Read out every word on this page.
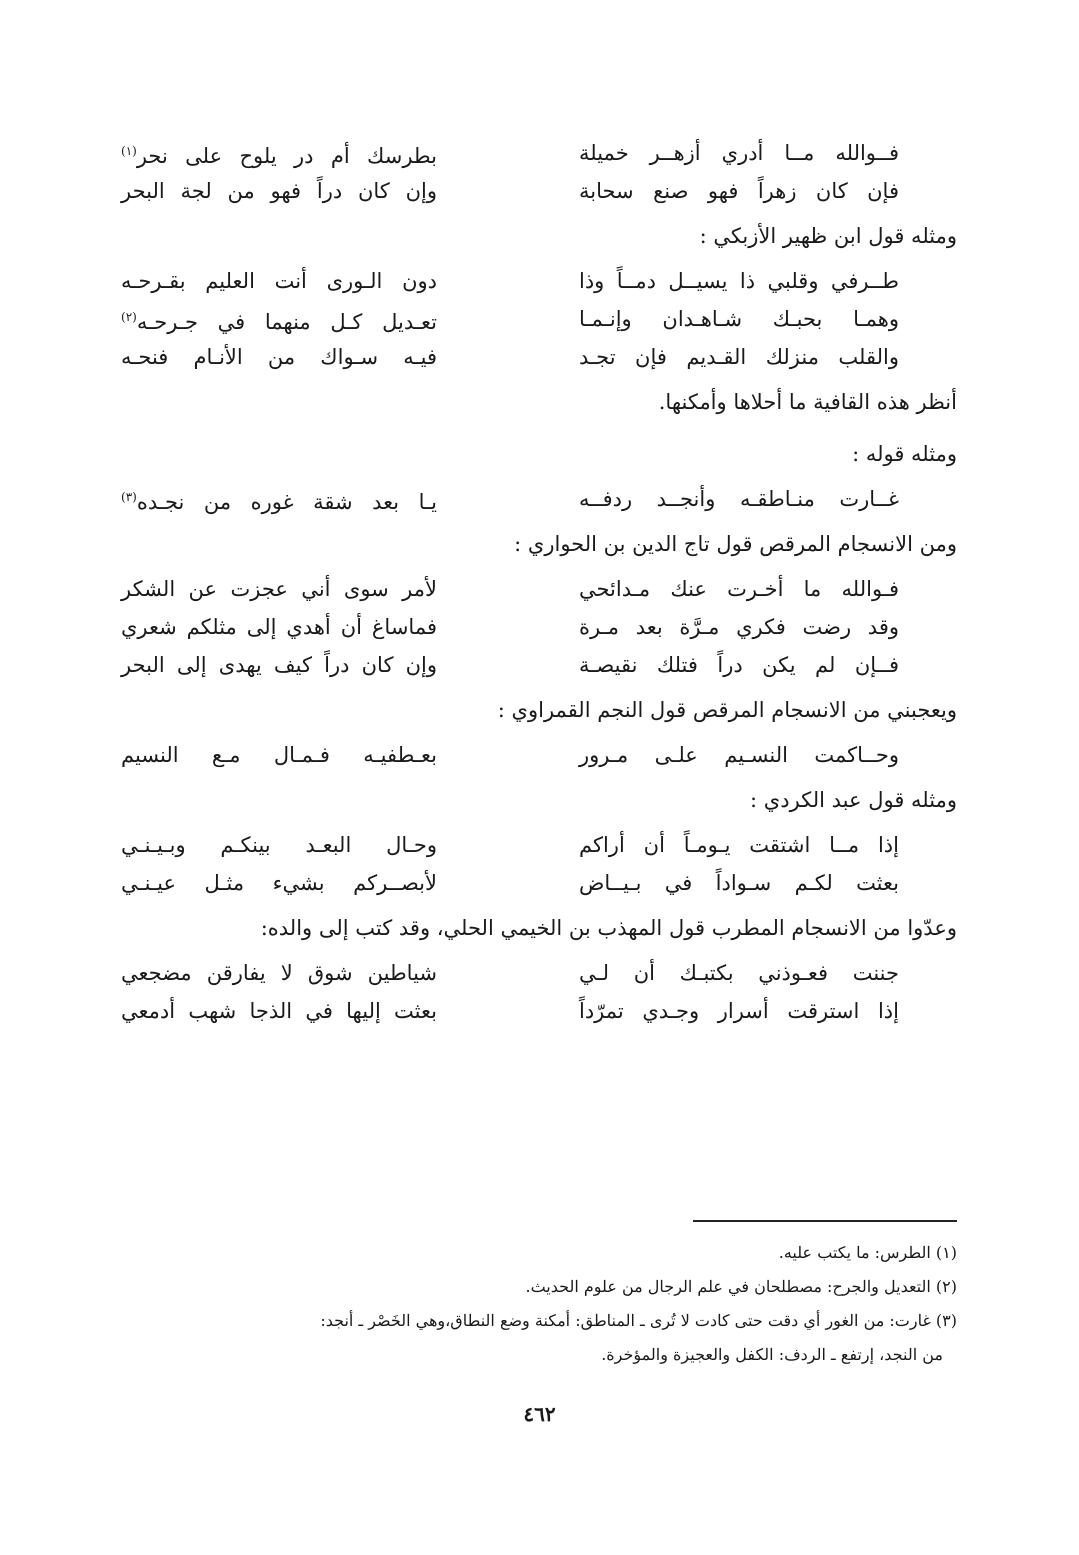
فــوالله مــا أدري أزهــر خميلة
بطرسك أم در يلوح على نحر$^{(١)}$
فإن كان زهراً فهو صنع سحابة
وإن كان دراً فهو من لجة البحر
ومثله قول ابن ظهير الأزبكي :
طــرفي وقلبي ذا يسيــل دمــاً وذا
دون الـورى أنت العليم بقـرحـه
وهمـا بحبـك شـاهـدان وإنـمـا
تعـديل كـل منهما في جـرحـه$^{(٢)}$
والقلب منزلك القـديم فإن تجـد
فيـه سـواك من الأنـام فنحـه
أنظر هذه القافية ما أحلاها وأمكنها.
ومثله قوله :
غــارت منـاطقـه وأنجــد ردفــه
يـا بعد شقة غوره من نجـده$^{(٣)}$
ومن الانسجام المرقص قول تاج الدين بن الحواري :
فـوالله ما أخـرت عنك مـدائحي
لأمر سوى أني عجزت عن الشكر
وقد رضت فكري مـرَّة بعد مـرة
فماساغ أن أهدي إلى مثلكم شعري
فــإن لم يكن دراً فتلك نقيصـة
وإن كان دراً كيف يهدى إلى البحر
ويعجبني من الانسجام المرقص قول النجم القمراوي :
وحــاكمت النسـيم علـى مـرور
بعـطفيـه فـمـال مـع النسيم
ومثله قول عبد الكردي :
إذا مــا اشتقت يـومـاً أن أراكم
وحـال البعـد بينكـم وبـيـنـي
بعثت لكـم سـواداً في بـيــاض
لأبصــركم بشيء مثـل عيـنـي
وعدّوا من الانسجام المطرب قول المهذب بن الخيمي الحلي، وقد كتب إلى والده:
جننت فعـوذني بكتبـك أن لـي
شياطين شوق لا يفارقن مضجعي
إذا استرقت أسرار وجـدي تمرّداً
بعثت إليها في الذجا شهب أدمعي
(١) الطرس: ما يكتب عليه.
(٢) التعديل والجرح: مصطلحان في علم الرجال من علوم الحديث.
(٣) غارت: من الغور أي دقت حتى كادت لا تُرى ـ المناطق: أمكنة وضع النطاق،وهي الخَصْر ـ أنجد:
من النجد، إرتفع ـ الردف: الكفل والعجيزة والمؤخرة.
٤٦٢
